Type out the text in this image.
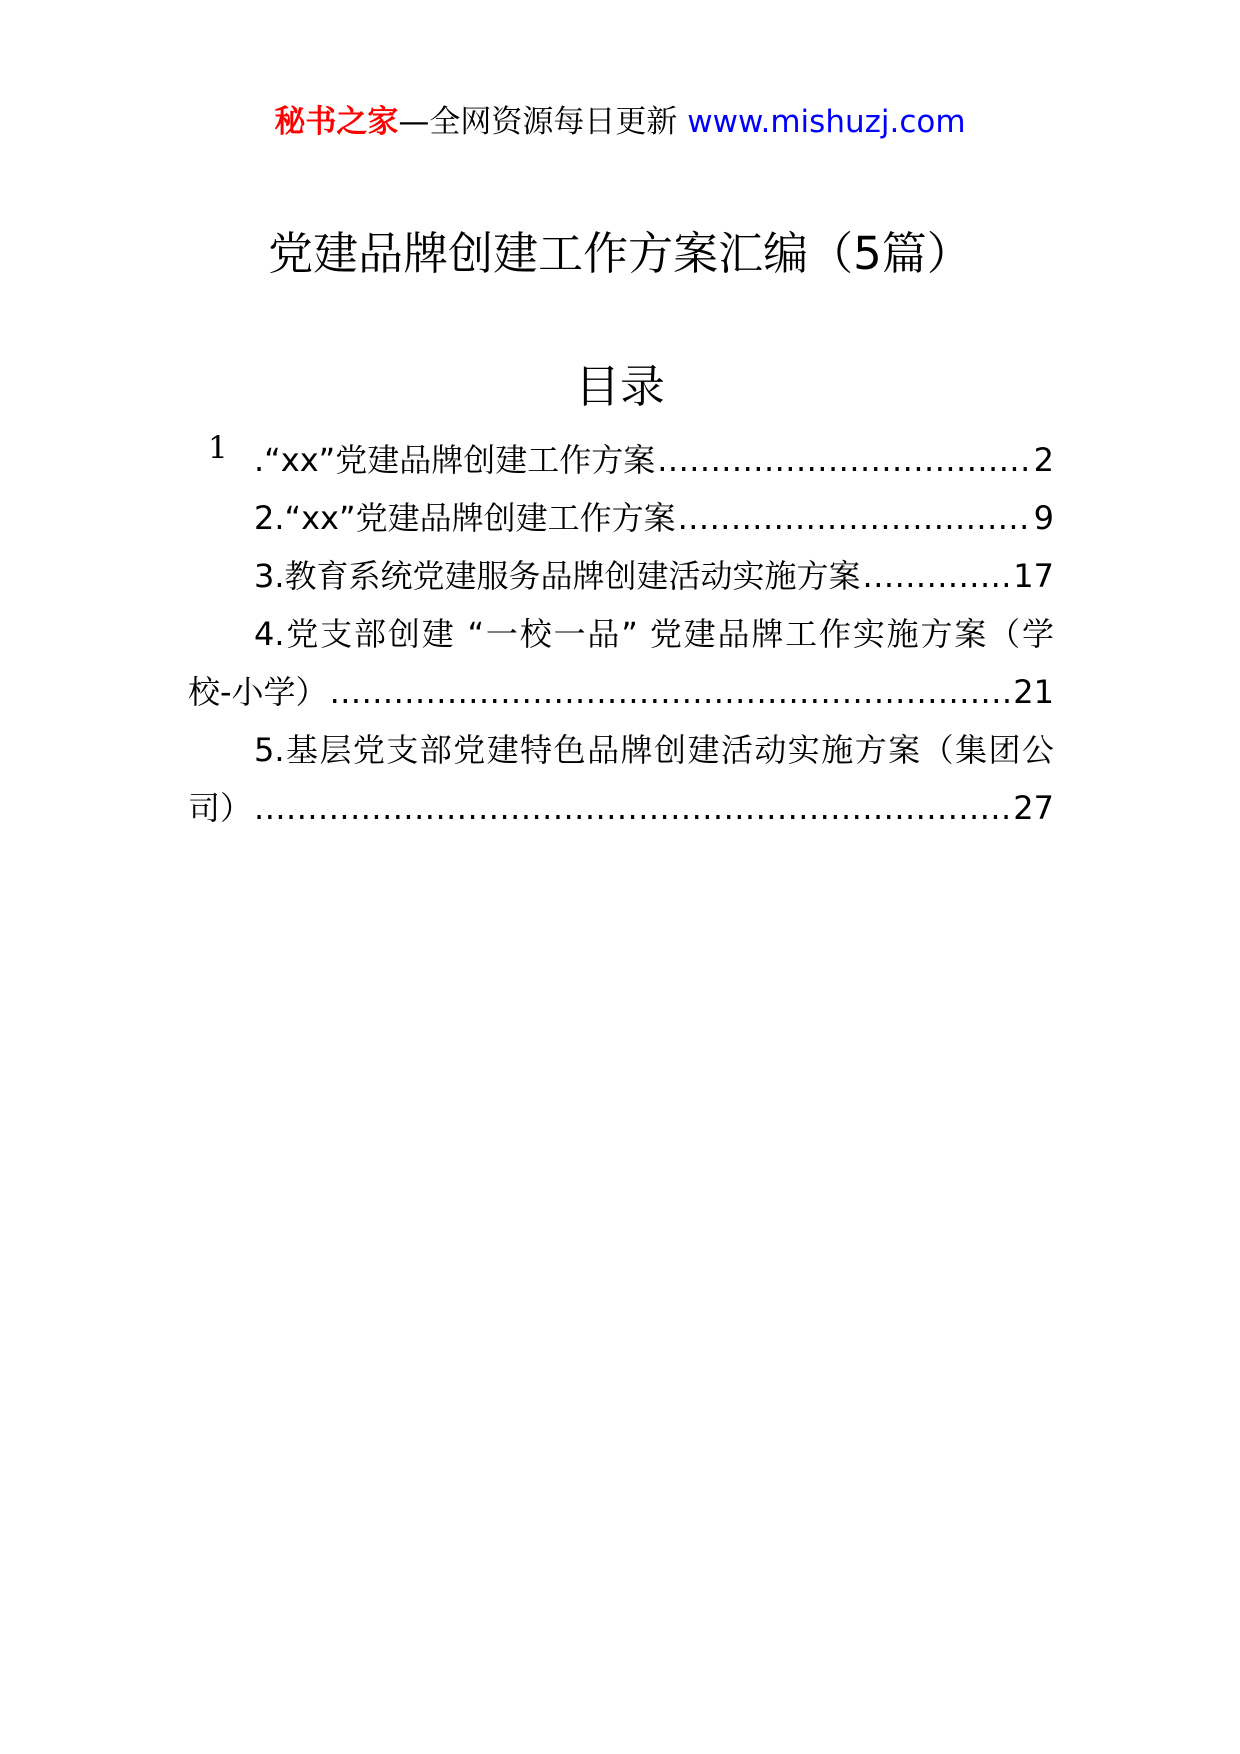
秘书之家—全网资源每日更新 www.mishuzj.com
党建品牌创建工作方案汇编（5篇）
目录
1 .“xx”党建品牌创建工作方案 .....	2
2.“xx”党建品牌创建工作方案 .....	9
3.教育系统党建服务品牌创建活动实施方案 .....	17
4.党支部创建 “一校一品” 党建品牌工作实施方案（学
校-小学） .....	21
5.基层党支部党建特色品牌创建活动实施方案（集团公
司） .....	27
